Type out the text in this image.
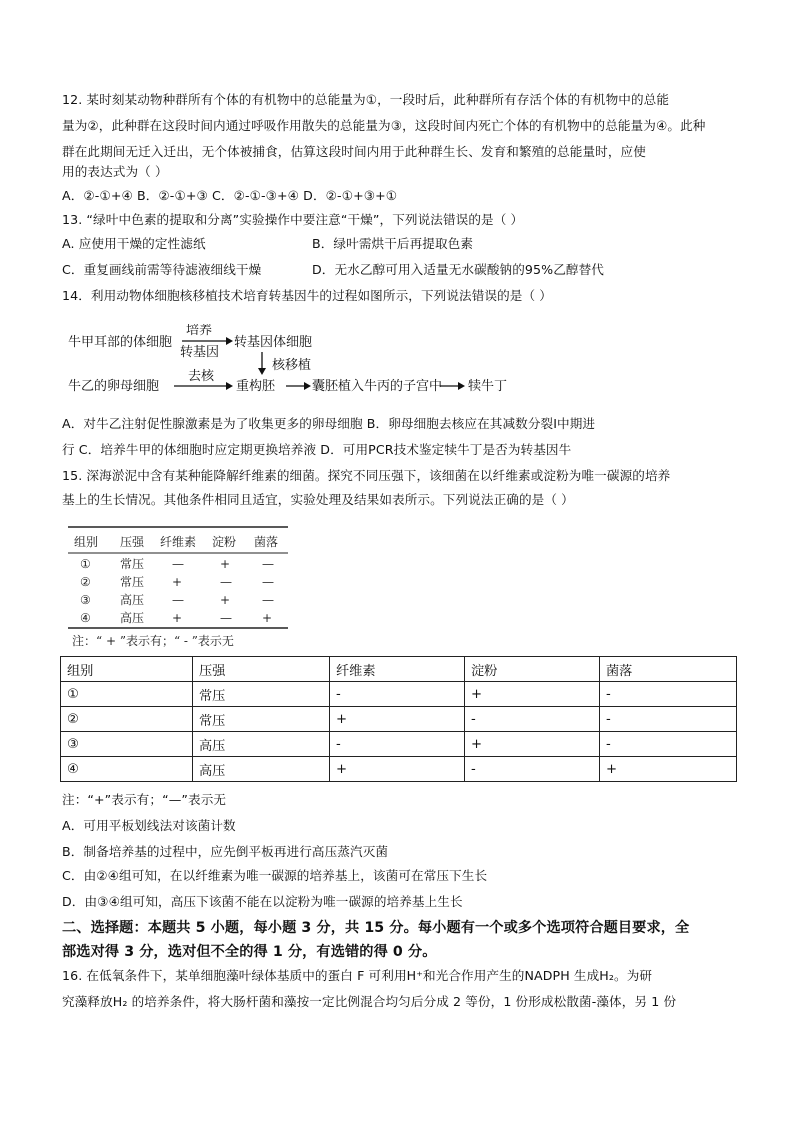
12. 某时刻某动物种群所有个体的有机物中的总能量为①，一段时后，此种群所有存活个体的有机物中的总能
量为②，此种群在这段时间内通过呼吸作用散失的总能量为③，这段时间内死亡个体的有机物中的总能量为④。此种
群在此期间无迁入迁出，无个体被捕食，估算这段时间内用于此种群生长、发育和繁殖的总能量时，应使
用的表达式为（ ）
A．②-①+④ B．②-①+③ C．②-①-③+④ D．②-①+③+①
13. “绿叶中色素的提取和分离”实验操作中要注意“干燥”，下列说法错误的是（ ）
A. 应使用干燥的定性滤纸	B．绿叶需烘干后再提取色素
C．重复画线前需等待滤液细线干燥	D．无水乙醇可用入适量无水碳酸钠的95%乙醇替代
14．利用动物体细胞核移植技术培育转基因牛的过程如图所示，下列说法错误的是（ ）
牛甲耳部的体细胞
培养
转基因
转基因体细胞
核移植
牛乙的卵母细胞
去核
重构胚	囊胚植入牛丙的子宫中 犊牛丁
A．对牛乙注射促性腺激素是为了收集更多的卵母细胞 B．卵母细胞去核应在其减数分裂Ⅰ中期进
行 C．培养牛甲的体细胞时应定期更换培养液 D．可用PCR技术鉴定犊牛丁是否为转基因牛
15. 深海淤泥中含有某种能降解纤维素的细菌。探究不同压强下，该细菌在以纤维素或淀粉为唯一碳源的培养
基上的生长情况。其他条件相同且适宜，实验处理及结果如表所示。下列说法正确的是（ ）
组别 压强 纤维素 淀粉 菌落
① 常压 —	+	—
② 常压 +	—	—
③ 高压 —	+	—
④ 高压 +	—	+
注：“ + ”表示有；“ - ”表示无
组别	压强	纤维素	淀粉	菌落
①	常压	-	+	-
②	常压	+	-	-
③	高压	-	+	-
④	高压	+	-	+
注：“+”表示有；“—”表示无
A．可用平板划线法对该菌计数
B．制备培养基的过程中，应先倒平板再进行高压蒸汽灭菌
C．由②④组可知，在以纤维素为唯一碳源的培养基上，该菌可在常压下生长
D．由③④组可知，高压下该菌不能在以淀粉为唯一碳源的培养基上生长
二、选择题：本题共 5 小题，每小题 3 分，共 15 分。每小题有一个或多个选项符合题目要求，全
部选对得 3 分，选对但不全的得 1 分，有选错的得 0 分。
16. 在低氧条件下，某单细胞藻叶绿体基质中的蛋白 F 可利用H⁺和光合作用产生的NADPH 生成H₂。为研
究藻释放H₂ 的培养条件，将大肠杆菌和藻按一定比例混合均匀后分成 2 等份，1 份形成松散菌-藻体，另 1 份
